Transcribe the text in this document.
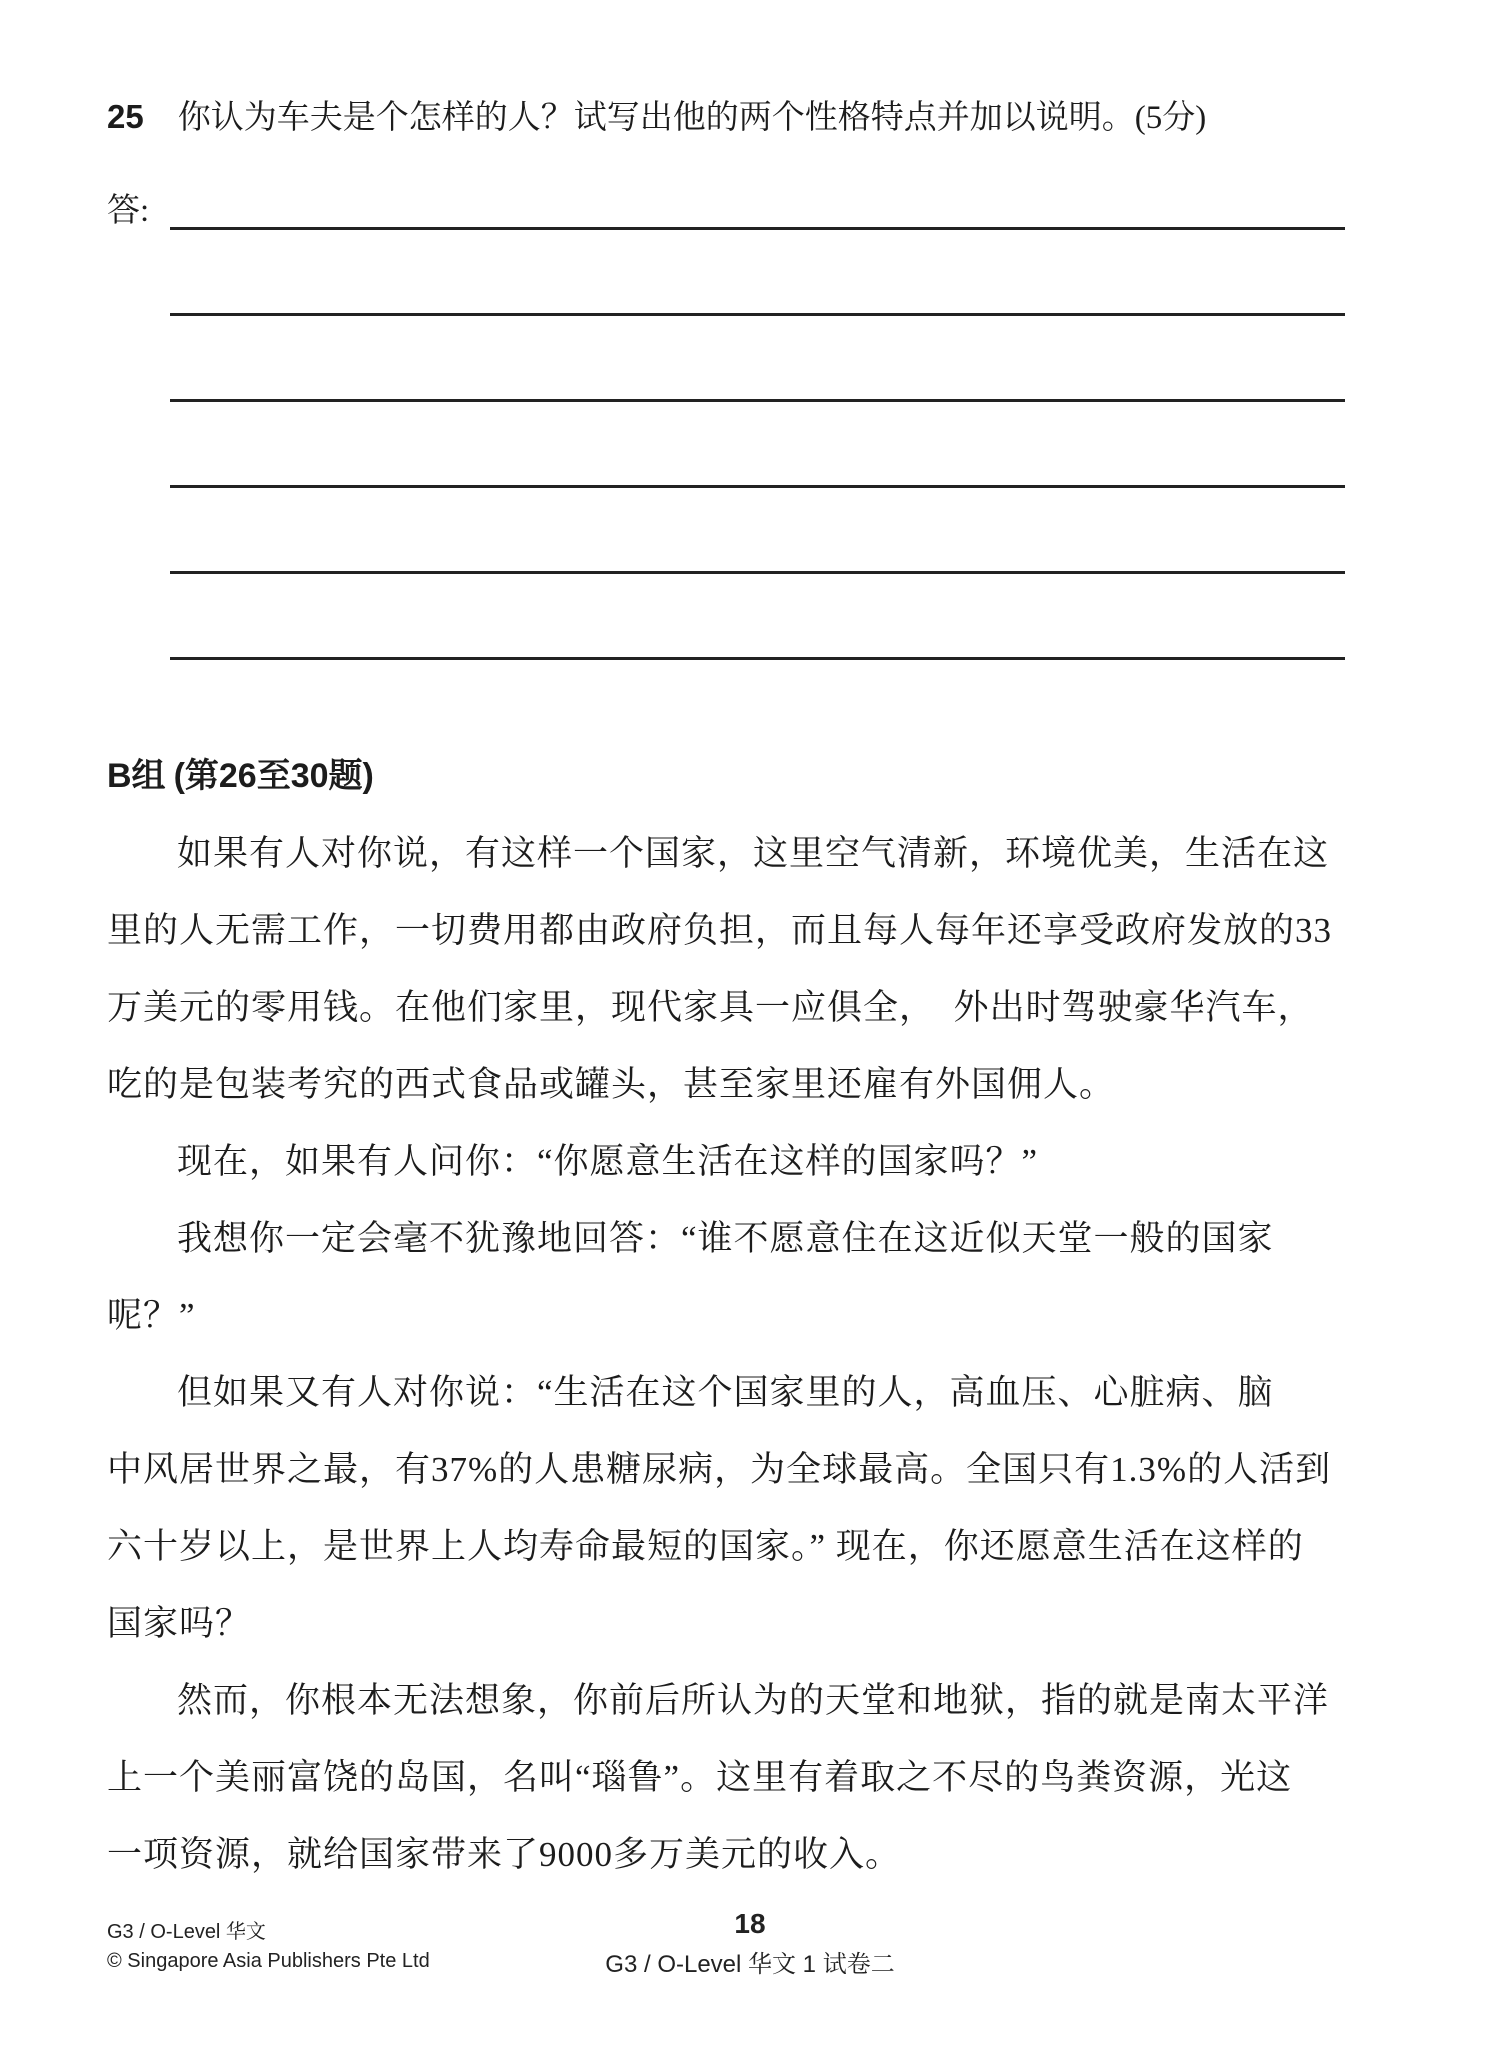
25 你认为车夫是个怎样的人？试写出他的两个性格特点并加以说明。(5分)
答:
B组 (第26至30题)
如果有人对你说，有这样一个国家，这里空气清新，环境优美，生活在这
里的人无需工作，一切费用都由政府负担，而且每人每年还享受政府发放的33
万美元的零用钱。在他们家里，现代家具一应俱全，　外出时驾驶豪华汽车，
吃的是包装考究的西式食品或罐头，甚至家里还雇有外国佣人。
现在，如果有人问你：“你愿意生活在这样的国家吗？”
我想你一定会毫不犹豫地回答：“谁不愿意住在这近似天堂一般的国家
呢？”
但如果又有人对你说：“生活在这个国家里的人，高血压、心脏病、脑
中风居世界之最，有37%的人患糖尿病，为全球最高。全国只有1.3%的人活到
六十岁以上，是世界上人均寿命最短的国家。” 现在，你还愿意生活在这样的
国家吗？
然而，你根本无法想象，你前后所认为的天堂和地狱，指的就是南太平洋
上一个美丽富饶的岛国，名叫“瑙鲁”。这里有着取之不尽的鸟粪资源，光这
一项资源，就给国家带来了9000多万美元的收入。
G3 / O-Level 华文
© Singapore Asia Publishers Pte Ltd
18
G3 / O-Level 华文 1 试卷二
